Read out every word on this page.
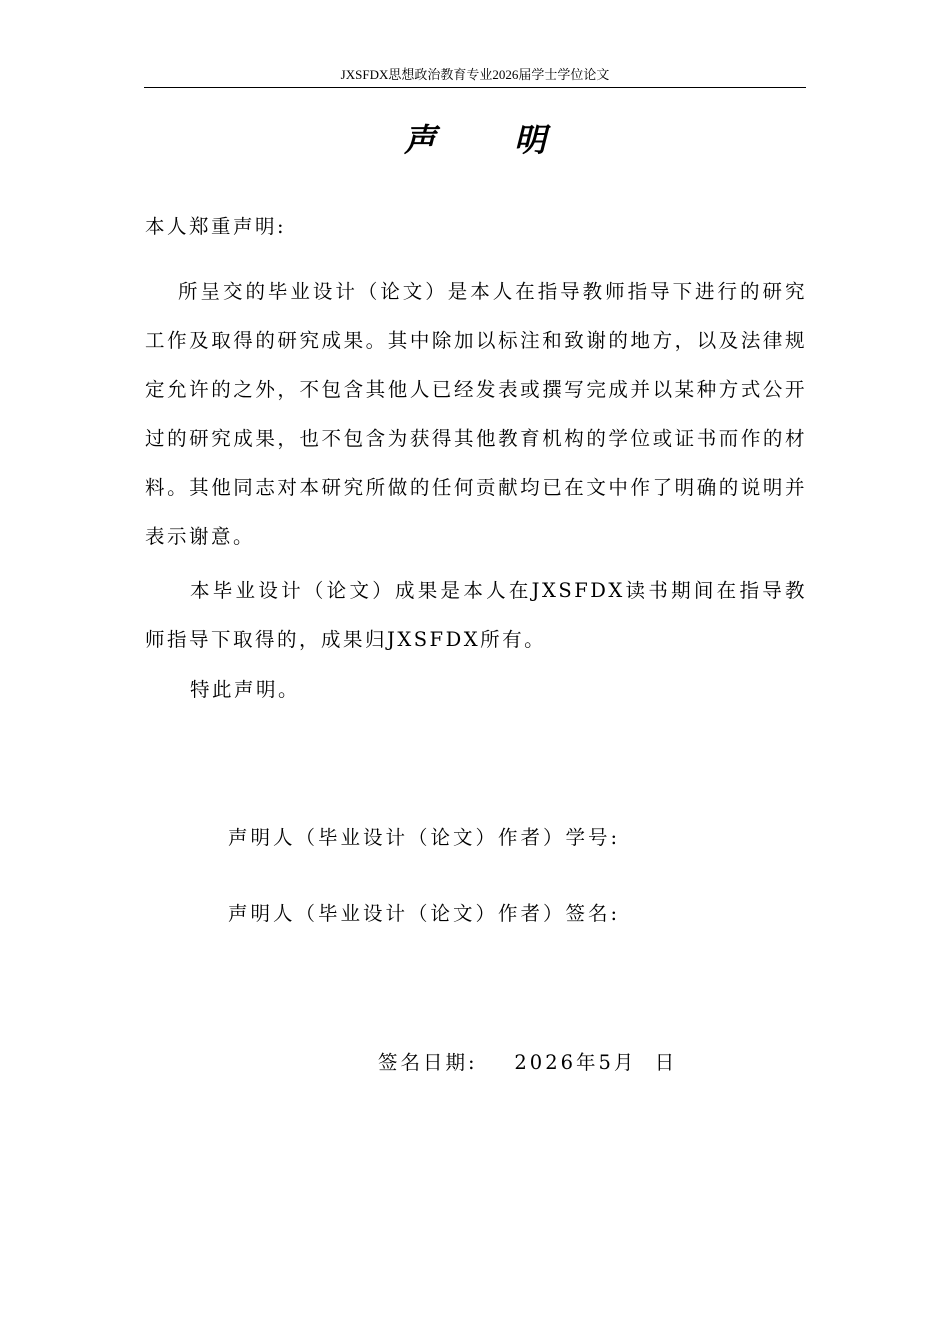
JXSFDX思想政治教育专业2026届学士学位论文
声明

本人郑重声明:

所呈交的毕业设计（论文）是本人在指导教师指导下进行的研究工作及取得的研究成果。其中除加以标注和致谢的地方，以及法律规定允许的之外，不包含其他人已经发表或撰写完成并以某种方式公开过的研究成果，也不包含为获得其他教育机构的学位或证书而作的材料。其他同志对本研究所做的任何贡献均已在文中作了明确的说明并表示谢意。

本毕业设计（论文）成果是本人在JXSFDX读书期间在指导教师指导下取得的，成果归JXSFDX所有。

特此声明。

声明人（毕业设计（论文）作者）学号:
声明人（毕业设计（论文）作者）签名:
签名日期: 2026年5月  日
